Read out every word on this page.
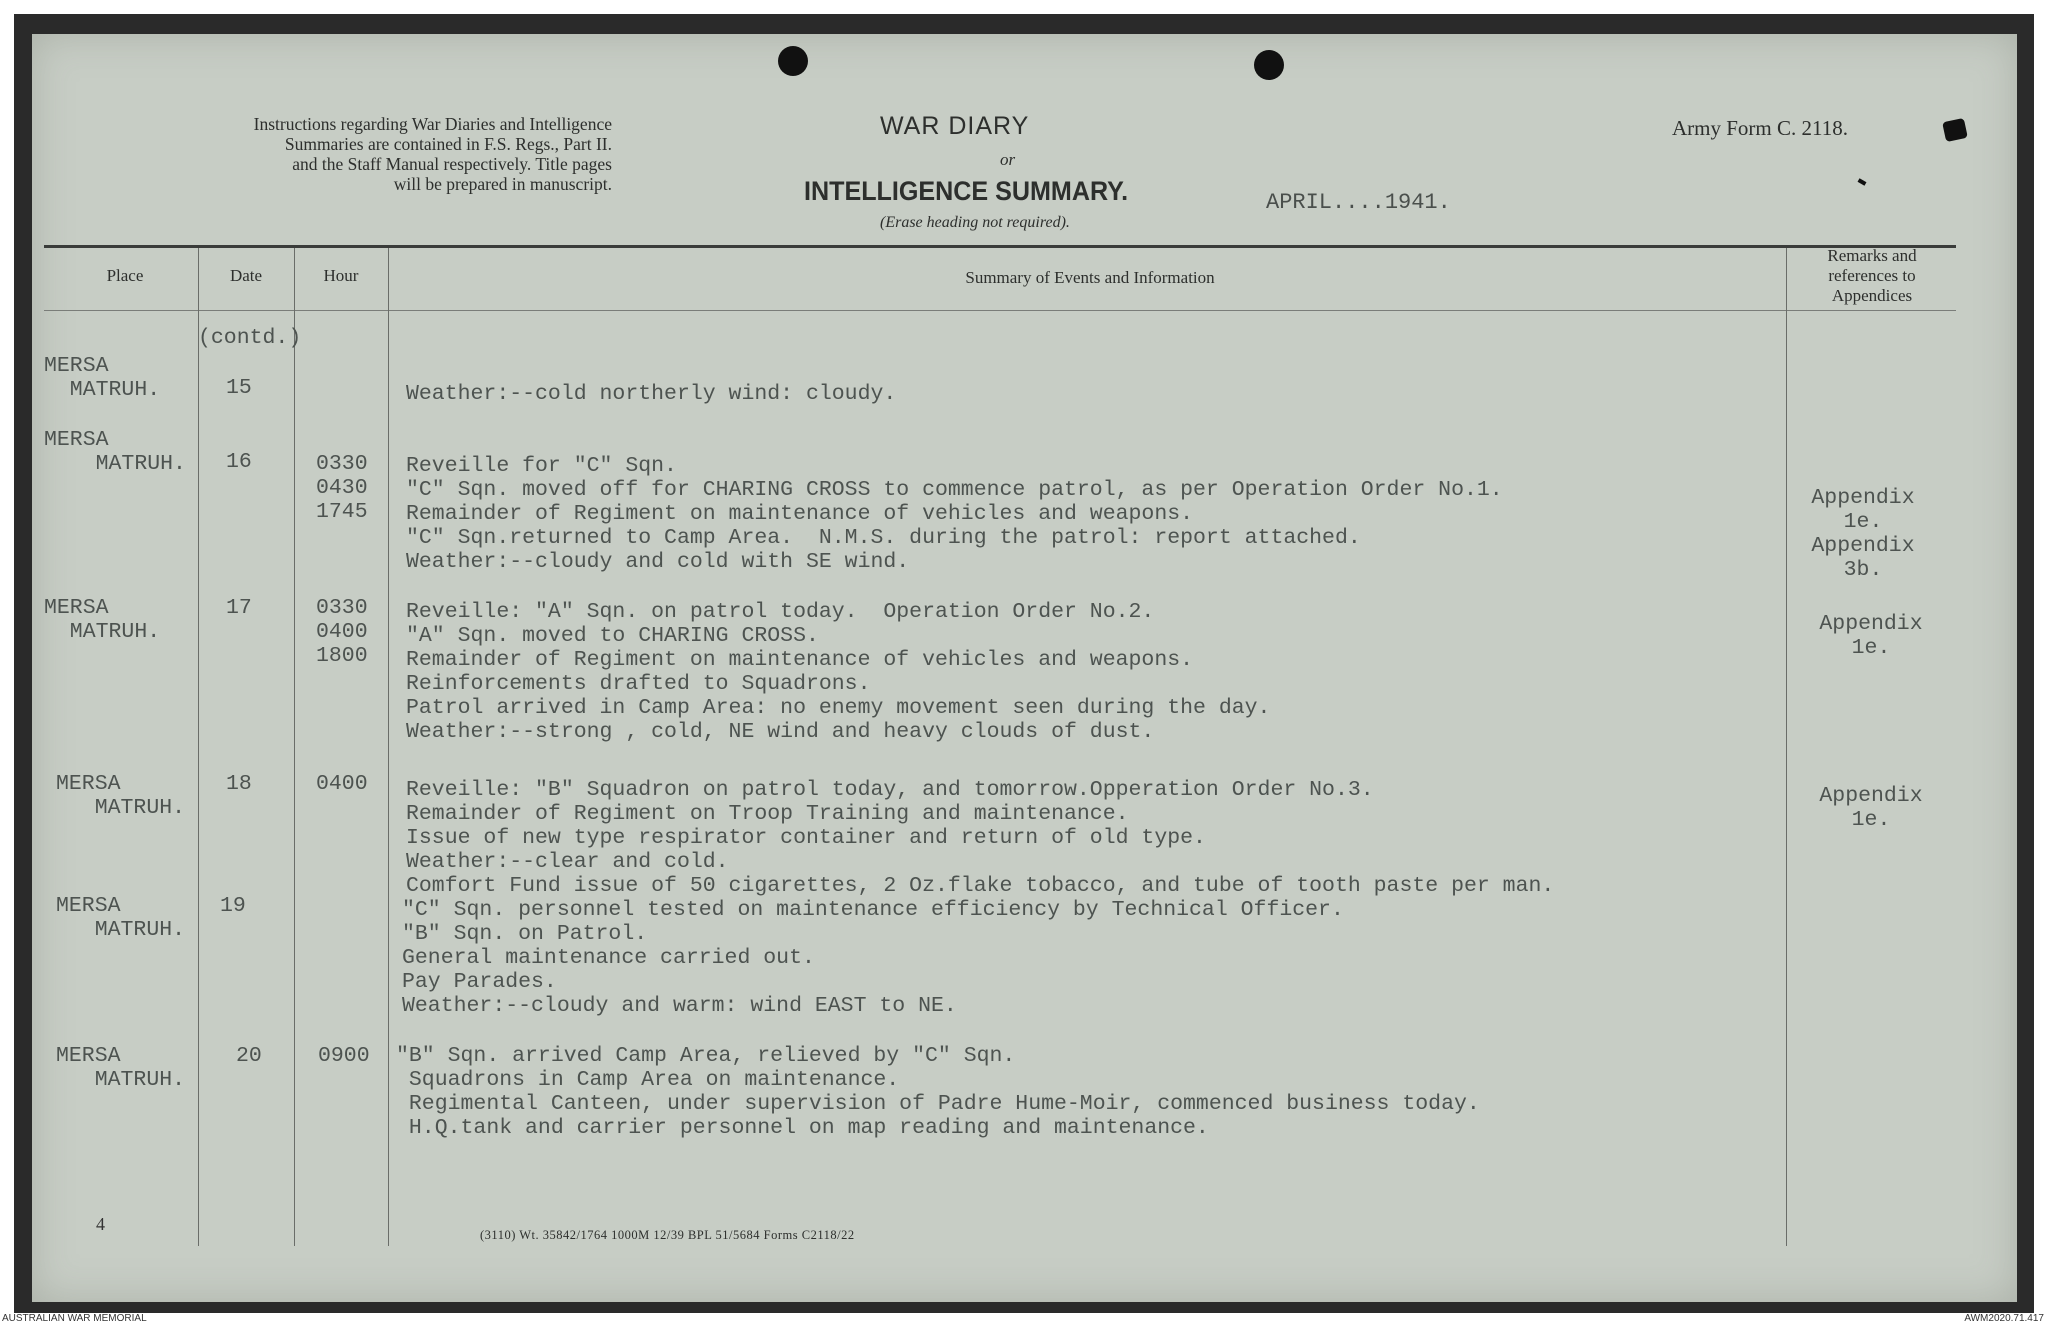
Instructions regarding War Diaries and Intelligence
Summaries are contained in F.S. Regs., Part II.
and the Staff Manual respectively. Title pages
will be prepared in manuscript.
WAR DIARY
or
INTELLIGENCE SUMMARY.
(Erase heading not required).
Army Form C. 2118.
APRIL....1941.
Place	Date	Hour	Summary of Events and Information
Remarks and
references to
Appendices
(contd.)
MERSA
MATRUH.	15	Weather:--cold northerly wind: cloudy.
MERSA
MATRUH. 16	0330
0430
1745
Reveille for "C" Sqn.
"C" Sqn. moved off for CHARING CROSS to commence patrol, as per Operation Order No.1.
Remainder of Regiment on maintenance of vehicles and weapons.
"C" Sqn.returned to Camp Area.  N.M.S. during the patrol: report attached.
Weather:--cloudy and cold with SE wind.
Appendix
1e.
Appendix
3b.
MERSA
MATRUH.
17	0330
0400
1800
Reveille: "A" Sqn. on patrol today.  Operation Order No.2.
"A" Sqn. moved to CHARING CROSS.
Remainder of Regiment on maintenance of vehicles and weapons.
Reinforcements drafted to Squadrons.
Patrol arrived in Camp Area: no enemy movement seen during the day.
Weather:--strong , cold, NE wind and heavy clouds of dust.
Appendix
1e.
MERSA
MATRUH.
18	0400 Reveille: "B" Squadron on patrol today, and tomorrow.Opperation Order No.3.
Remainder of Regiment on Troop Training and maintenance.
Issue of new type respirator container and return of old type.
Weather:--clear and cold.
Comfort Fund issue of 50 cigarettes, 2 Oz.flake tobacco, and tube of tooth paste per man.
Appendix
1e.
MERSA
MATRUH.
19	"C" Sqn. personnel tested on maintenance efficiency by Technical Officer.
"B" Sqn. on Patrol.
General maintenance carried out.
Pay Parades.
Weather:--cloudy and warm: wind EAST to NE.
MERSA
MATRUH.
20	0900 "B" Sqn. arrived Camp Area, relieved by "C" Sqn.
Squadrons in Camp Area on maintenance.
Regimental Canteen, under supervision of Padre Hume-Moir, commenced business today.
H.Q.tank and carrier personnel on map reading and maintenance.
4
(3110) Wt. 35842/1764 1000M 12/39 BPL 51/5684 Forms C2118/22
AUSTRALIAN WAR MEMORIAL	AWM2020.71.417
